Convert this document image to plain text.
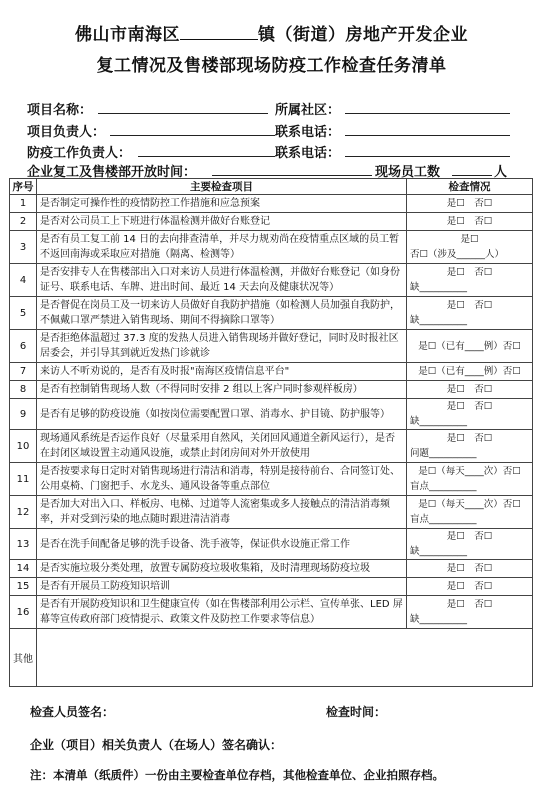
佛山市南海区	镇（街道）房地产开发企业
复工情况及售楼部现场防疫工作检查任务清单
项目名称：	所属社区：
项目负责人：	联系电话：
防疫工作负责人：	联系电话：
企业复工及售楼部开放时间：	现场员工数	人
序号	主要检查项目	检查情况
1	是否制定可操作性的疫情防控工作措施和应急预案	是☐　否☐

2	是否对公司员工上下班进行体温检测并做好台账登记	是☐　否☐

3	是否有员工复工前 14 日的去向排查清单，并尽力规劝尚在疫情重点区域的员工暂不返回南海或采取应对措施（隔离、检测等）	是☐
否☐（涉及______人）

4	是否安排专人在售楼部出入口对来访人员进行体温检测，并做好台账登记（如身份证号、联系电话、车牌、进出时间、最近 14 天去向及健康状况等）	是☐　否☐
缺__________

5	是否督促在岗员工及一切来访人员做好自我防护措施（如检测人员加强自我防护，不佩戴口罩严禁进入销售现场、期间不得摘除口罩等）	是☐　否☐
缺__________

6	是否拒绝体温超过 37.3 度的发热人员进入销售现场并做好登记，同时及时报社区居委会，并引导其到就近发热门诊就诊	是☐（已有____例）否☐

7	来访人不听劝说的，是否有及时报"南海区疫情信息平台"	是☐（已有____例）否☐

8	是否有控制销售现场人数（不得同时安排 2 组以上客户同时参观样板房）	是☐　否☐

9	是否有足够的防疫设施（如按岗位需要配置口罩、消毒水、护目镜、防护服等）	是☐　否☐
缺__________

10	现场通风系统是否运作良好（尽量采用自然风，关闭回风通道全新风运行），是否在封闭区域设置主动通风设施，或禁止封闭房间对外开放使用	是☐　否☐
问题__________

11	是否按要求每日定时对销售现场进行清洁和消毒，特别是接待前台、合同签订处、公用桌椅、门窗把手、水龙头、通风设备等重点部位	是☐（每天____次）否☐
盲点__________

12	是否加大对出入口、样板房、电梯、过道等人流密集或多人接触点的清洁消毒频率，并对受到污染的地点随时跟进清洁消毒	是☐（每天____次）否☐
盲点__________

13	是否在洗手间配备足够的洗手设备、洗手液等，保证供水设施正常工作	是☐　否☐
缺__________

14	是否实施垃圾分类处理，放置专属防疫垃圾收集箱，及时清理现场防疫垃圾	是☐　否☐

15	是否有开展员工防疫知识培训	是☐　否☐

16	是否有开展防疫知识和卫生健康宣传（如在售楼部利用公示栏、宣传单张、LED 屏幕等宣传政府部门疫情提示、政策文件及防控工作要求等信息）	是☐　否☐
缺__________

其他		
检查人员签名：	检查时间：
企业（项目）相关负责人（在场人）签名确认：
注：本清单（纸质件）一份由主要检查单位存档，其他检查单位、企业拍照存档。
